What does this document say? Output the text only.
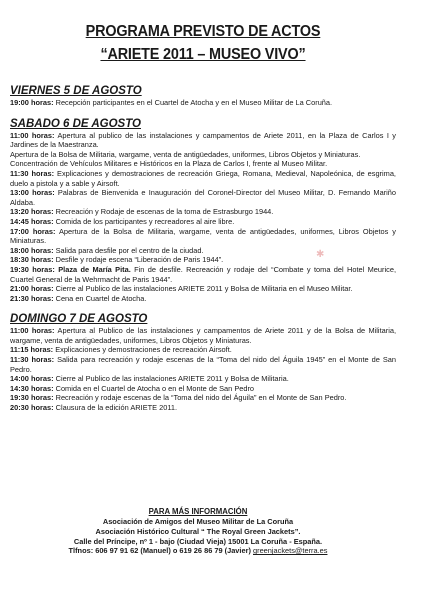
PROGRAMA PREVISTO DE ACTOS
“ARIETE 2011 – MUSEO VIVO”
VIERNES 5 DE AGOSTO
19:00 horas: Recepción participantes en el Cuartel de Atocha y en el Museo Militar de La Coruña.
SABADO 6 DE AGOSTO
11:00 horas: Apertura al publico de las instalaciones y campamentos de Ariete 2011, en la Plaza de Carlos I y Jardines de la Maestranza.
Apertura de la Bolsa de Militaria, wargame, venta de antigüedades, uniformes, Libros Objetos y Miniaturas.
Concentración de Vehículos Militares e Históricos en la Plaza de Carlos I, frente al Museo Militar.
11:30 horas: Explicaciones y demostraciones de recreación Griega, Romana, Medieval, Napoleónica, de esgrima, duelo a pistola y a sable y Airsoft.
13:00 horas: Palabras de Bienvenida e Inauguración del Coronel-Director del Museo Militar, D. Fernando Mariño Aldaba.
13:20 horas: Recreación y Rodaje de escenas de la toma de Estrasburgo 1944.
14:45 horas: Comida de los participantes y recreadores al aire libre.
17:00 horas: Apertura de la Bolsa de Militaria, wargame, venta de antigüedades, uniformes, Libros Objetos y Miniaturas.
18:00 horas: Salida para desfile por el centro de la ciudad.
18:30 horas: Desfile y rodaje escena “Liberación de Paris 1944”.
19:30 horas: Plaza de María Pita. Fin de desfile. Recreación y rodaje del “Combate y toma del Hotel Meurice, Cuartel General de la Wehrmacht de Paris 1944”.
21:00 horas: Cierre al Publico de las instalaciones ARIETE 2011 y Bolsa de Militaria en el Museo Militar.
21:30 horas: Cena en Cuartel de Atocha.
DOMINGO 7 DE AGOSTO
11:00 horas: Apertura al Publico de las instalaciones y campamentos de Ariete 2011 y de la Bolsa de Militaria, wargame, venta de antigüedades, uniformes, Libros Objetos y Miniaturas.
11:15 horas: Explicaciones y demostraciones de recreación Airsoft.
11:30 horas: Salida para recreación y rodaje escenas de la “Toma del nido del Águila 1945” en el Monte de San Pedro.
14:00 horas: Cierre al Publico de las instalaciones ARIETE 2011 y Bolsa de Militaria.
14:30 horas: Comida en el Cuartel de Atocha o en el Monte de San Pedro
19:30 horas: Recreación y rodaje escenas de la “Toma del nido del Águila” en el Monte de San Pedro.
20:30 horas: Clausura de la edición ARIETE 2011.
✱
PARA MÁS INFORMACIÓN
Asociación de Amigos del Museo Militar de La Coruña
Asociación Histórico Cultural “ The Royal Green Jackets”.
Calle del Príncipe, nº 1 - bajo (Ciudad Vieja) 15001 La Coruña - España.
Tlfnos: 606 97 91 62 (Manuel) o 619 26 86 79 (Javier) greenjackets@terra.es
